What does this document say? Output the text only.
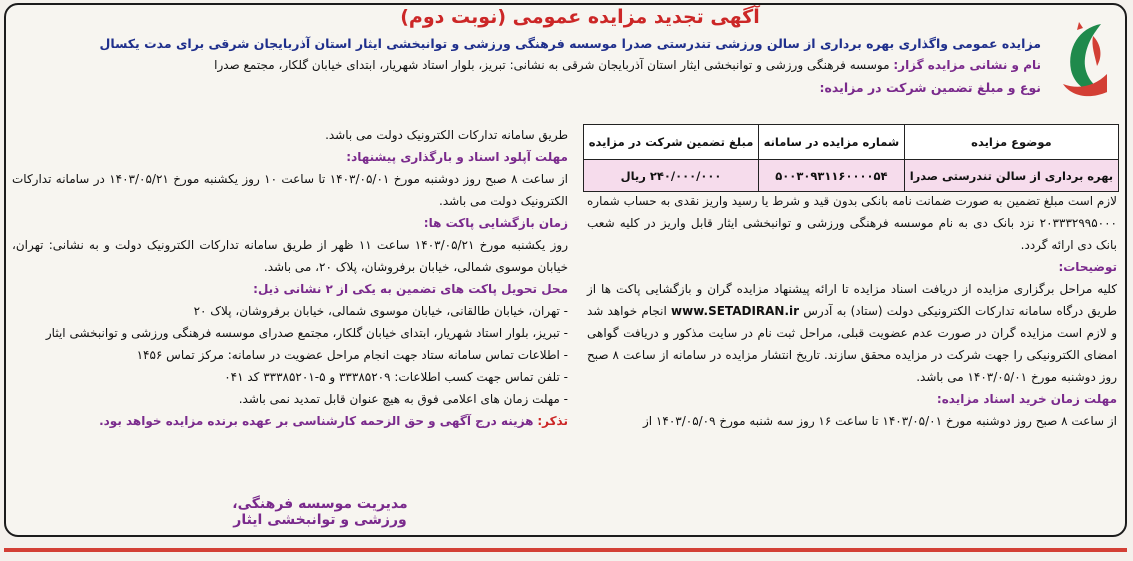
آگهی تجدید مزایده عمومی (نوبت دوم)
مزایده عمومی واگذاری بهره برداری از سالن ورزشی تندرستی صدرا موسسه فرهنگی ورزشی و توانبخشی ایثار استان آذربایجان شرقی برای مدت یکسال
نام و نشانی مزایده گزار: موسسه فرهنگی ورزشی و توانبخشی ایثار استان آذربایجان شرقی به نشانی: تبریز، بلوار استاد شهریار، ابتدای خیابان گلکار، مجتمع صدرا
نوع و مبلغ تضمین شرکت در مزایده:
موضوع مزایده	شماره مزایده در سامانه	مبلغ تضمین شرکت در مزایده
بهره برداری از سالن تندرستی صدرا	۵۰۰۳۰۹۳۱۱۶۰۰۰۰۵۴	۲۴۰/۰۰۰/۰۰۰ ریال

لازم است مبلغ تضمین به صورت ضمانت نامه بانکی بدون قید و شرط یا رسید واریز نقدی به حساب شماره ۲۰۳۳۳۲۹۹۵۰۰۰ نزد بانک دی به نام موسسه فرهنگی ورزشی و توانبخشی ایثار قابل واریز در کلیه شعب بانک دی ارائه گردد.

توضیحات:

کلیه مراحل برگزاری مزایده از دریافت اسناد مزایده تا ارائه پیشنهاد مزایده گران و بازگشایی پاکت ها از طریق درگاه سامانه تدارکات الکترونیکی دولت (ستاد) به آدرس www.SETADIRAN.ir انجام خواهد شد و لازم است مزایده گران در صورت عدم عضویت قبلی، مراحل ثبت نام در سایت مذکور و دریافت گواهی امضای الکترونیکی را جهت شرکت در مزایده محقق سازند. تاریخ انتشار مزایده در سامانه از ساعت ۸ صبح روز دوشنبه مورخ ۱۴۰۳/۰۵/۰۱ می باشد.

مهلت زمان خرید اسناد مزایده:

از ساعت ۸ صبح روز دوشنبه مورخ ۱۴۰۳/۰۵/۰۱ تا ساعت ۱۶ روز سه شنبه مورخ ۱۴۰۳/۰۵/۰۹ از

طریق سامانه تدارکات الکترونیک دولت می باشد.

مهلت آپلود اسناد و بارگذاری پیشنهاد:

از ساعت ۸ صبح روز دوشنبه مورخ ۱۴۰۳/۰۵/۰۱ تا ساعت ۱۰ روز یکشنبه مورخ ۱۴۰۳/۰۵/۲۱ در سامانه تدارکات الکترونیک دولت می باشد.

زمان بازگشایی پاکت ها:

روز یکشنبه مورخ ۱۴۰۳/۰۵/۲۱ ساعت ۱۱ ظهر از طریق سامانه تدارکات الکترونیک دولت و به نشانی: تهران، خیابان موسوی شمالی، خیابان برفروشان، پلاک ۲۰، می باشد.

محل تحویل پاکت های تضمین به یکی از ۲ نشانی ذیل:
- تهران، خیابان طالقانی، خیابان موسوی شمالی، خیابان برفروشان، پلاک ۲۰
- تبریز، بلوار استاد شهریار، ابتدای خیابان گلکار، مجتمع صدرای موسسه فرهنگی ورزشی و توانبخشی ایثار
- اطلاعات تماس سامانه ستاد جهت انجام مراحل عضویت در سامانه: مرکز تماس ۱۴۵۶
- تلفن تماس جهت کسب اطلاعات: ۳۳۳۸۵۲۰۹ و ۵-۳۳۳۸۵۲۰۱ کد ۰۴۱
- مهلت زمان های اعلامی فوق به هیچ عنوان قابل تمدید نمی باشد.
تذکر: هزینه درج آگهی و حق الزحمه کارشناسی بر عهده برنده مزایده خواهد بود.
مدیریت موسسه فرهنگی، ورزشی و توانبخشی ایثار
